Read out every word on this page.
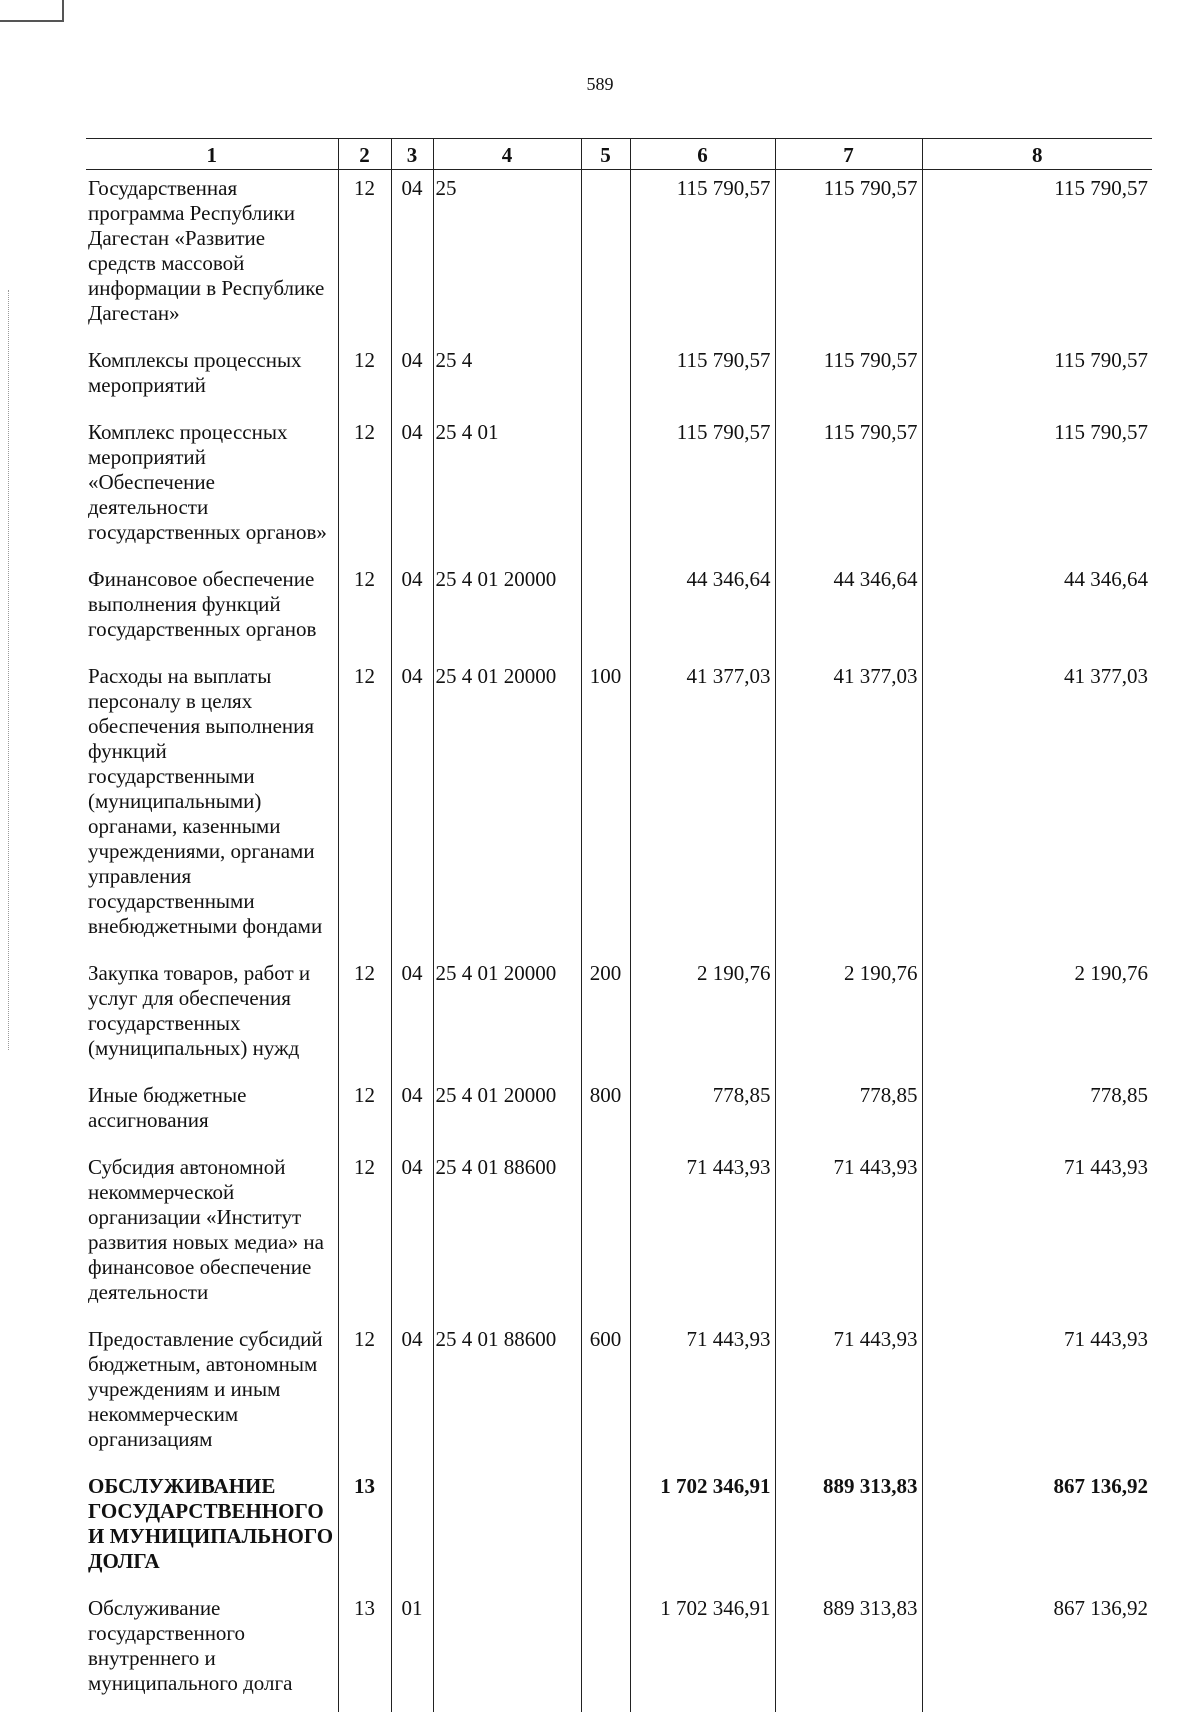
589
1	2	3	4	5	6	7	8
Государственная программа Республики Дагестан «Развитие средств массовой информации в Республике Дагестан»	12	04	25		115 790,57	115 790,57	115 790,57
Комплексы процессных мероприятий	12	04	25 4		115 790,57	115 790,57	115 790,57
Комплекс процессных мероприятий «Обеспечение деятельности государственных органов»	12	04	25 4 01		115 790,57	115 790,57	115 790,57
Финансовое обеспечение выполнения функций государственных органов	12	04	25 4 01 20000		44 346,64	44 346,64	44 346,64
Расходы на выплаты персоналу в целях обеспечения выполнения функций государственными (муниципальными) органами, казенными учреждениями, органами управления государственными внебюджетными фондами	12	04	25 4 01 20000	100	41 377,03	41 377,03	41 377,03
Закупка товаров, работ и услуг для обеспечения государственных (муниципальных) нужд	12	04	25 4 01 20000	200	2 190,76	2 190,76	2 190,76
Иные бюджетные ассигнования	12	04	25 4 01 20000	800	778,85	778,85	778,85
Субсидия автономной некоммерческой организации «Институт развития новых медиа» на финансовое обеспечение деятельности	12	04	25 4 01 88600		71 443,93	71 443,93	71 443,93
Предоставление субсидий бюджетным, автономным учреждениям и иным некоммерческим организациям	12	04	25 4 01 88600	600	71 443,93	71 443,93	71 443,93
ОБСЛУЖИВАНИЕ ГОСУДАРСТВЕННОГО И МУНИЦИПАЛЬНОГО ДОЛГА	13				1 702 346,91	889 313,83	867 136,92
Обслуживание государственного внутреннего и муниципального долга	13	01			1 702 346,91	889 313,83	867 136,92
